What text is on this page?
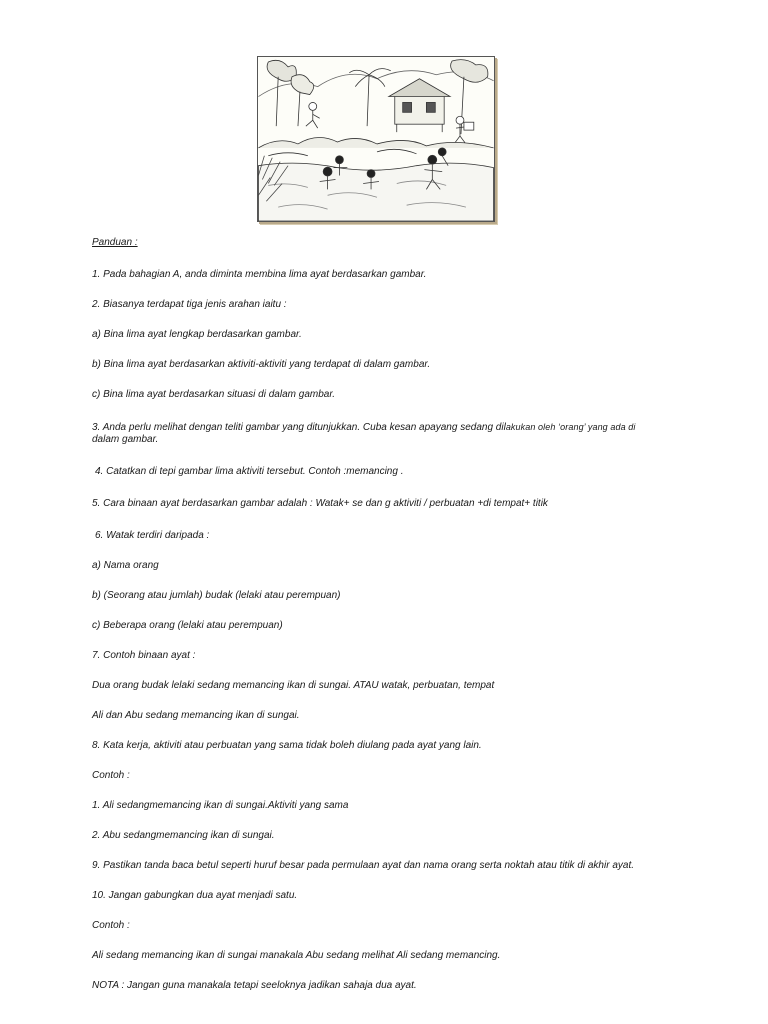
Panduan :

1. Pada bahagian A, anda diminta membina lima ayat berdasarkan gambar.

2. Biasanya terdapat tiga jenis arahan iaitu :

a) Bina lima ayat lengkap berdasarkan gambar.

b) Bina lima ayat berdasarkan aktiviti-aktiviti yang terdapat di dalam gambar.

c) Bina lima ayat berdasarkan situasi di dalam gambar.

3. Anda perlu melihat dengan teliti gambar yang ditunjukkan. Cuba kesan apayang sedang dilakukan oleh ‘orang’ yang ada di

dalam gambar.

4. Catatkan di tepi gambar lima aktiviti tersebut. Contoh :memancing .

5. Cara binaan ayat berdasarkan gambar adalah : Watak+ se dan g aktiviti / perbuatan +di tempat+ titik

6. Watak terdiri daripada :

a) Nama orang

b) (Seorang atau jumlah) budak (lelaki atau perempuan)

c) Beberapa orang (lelaki atau perempuan)

7. Contoh binaan ayat :

Dua orang budak lelaki sedang memancing ikan di sungai. ATAU watak, perbuatan, tempat

Ali dan Abu sedang memancing ikan di sungai.

8. Kata kerja, aktiviti atau perbuatan yang sama tidak boleh diulang pada ayat yang lain.

Contoh :

1. Ali sedangmemancing ikan di sungai.Aktiviti yang sama

2. Abu sedangmemancing ikan di sungai.

9. Pastikan tanda baca betul seperti huruf besar pada permulaan ayat dan nama orang serta noktah atau titik di akhir ayat.

10. Jangan gabungkan dua ayat menjadi satu.

Contoh :

Ali sedang memancing ikan di sungai manakala Abu sedang melihat Ali sedang memancing.

NOTA : Jangan guna manakala tetapi seeloknya jadikan sahaja dua ayat.
